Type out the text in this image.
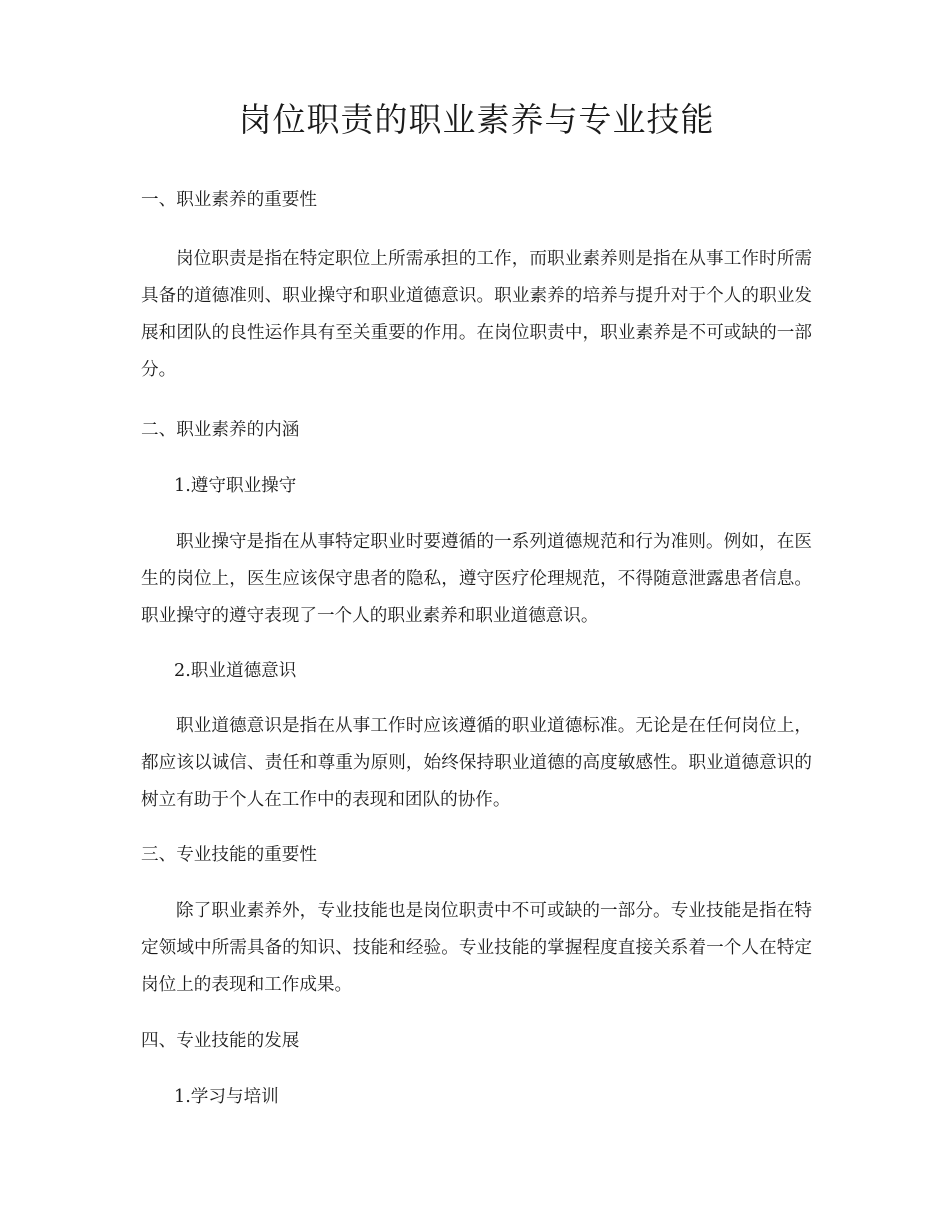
岗位职责的职业素养与专业技能

一、职业素养的重要性

岗位职责是指在特定职位上所需承担的工作，而职业素养则是指在从事工作时所需具备的道德准则、职业操守和职业道德意识。职业素养的培养与提升对于个人的职业发展和团队的良性运作具有至关重要的作用。在岗位职责中，职业素养是不可或缺的一部分。

二、职业素养的内涵

1.遵守职业操守

职业操守是指在从事特定职业时要遵循的一系列道德规范和行为准则。例如，在医生的岗位上，医生应该保守患者的隐私，遵守医疗伦理规范，不得随意泄露患者信息。职业操守的遵守表现了一个人的职业素养和职业道德意识。

2.职业道德意识

职业道德意识是指在从事工作时应该遵循的职业道德标准。无论是在任何岗位上，都应该以诚信、责任和尊重为原则，始终保持职业道德的高度敏感性。职业道德意识的树立有助于个人在工作中的表现和团队的协作。

三、专业技能的重要性

除了职业素养外，专业技能也是岗位职责中不可或缺的一部分。专业技能是指在特定领域中所需具备的知识、技能和经验。专业技能的掌握程度直接关系着一个人在特定岗位上的表现和工作成果。

四、专业技能的发展

1.学习与培训
